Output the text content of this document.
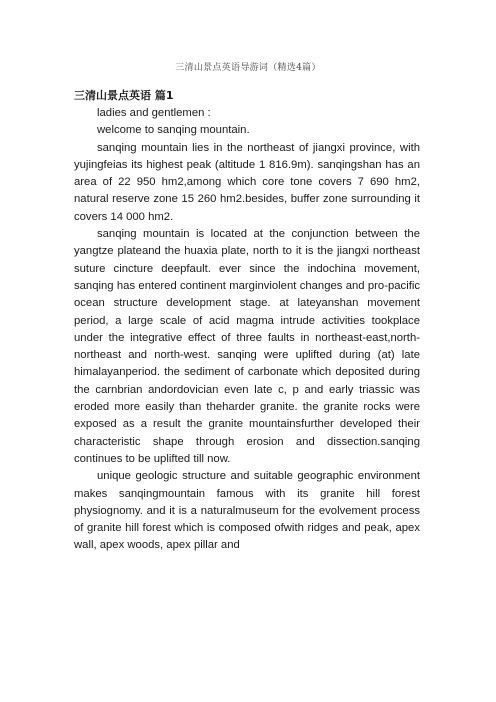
三清山景点英语导游词（精选4篇）
三清山景点英语 篇1

ladies and gentlemen :

welcome to sanqing mountain.

sanqing mountain lies in the northeast of jiangxi province, with yujingfeias its highest peak (altitude 1 816.9m). sanqingshan has an area of 22 950 hm2,among which core tone covers 7 690 hm2, natural reserve zone 15 260 hm2.besides, buffer zone surrounding it covers 14 000 hm2.

sanqing mountain is located at the conjunction between the yangtze plateand the huaxia plate, north to it is the jiangxi northeast suture cincture deepfault. ever since the indochina movement, sanqing has entered continent marginviolent changes and pro-pacific ocean structure development stage. at lateyanshan movement period, a large scale of acid magma intrude activities tookplace under the integrative effect of three faults in northeast-east,north-northeast and north-west. sanqing were uplifted during (at) late himalayanperiod. the sediment of carbonate which deposited during the carnbrian andordovician even late c, p and early triassic was eroded more easily than theharder granite. the granite rocks were exposed as a result the granite mountainsfurther developed their characteristic shape through erosion and dissection.sanqing continues to be uplifted till now.

unique geologic structure and suitable geographic environment makes sanqingmountain famous with its granite hill forest physiognomy. and it is a naturalmuseum for the evolvement process of granite hill forest which is composed ofwith ridges and peak, apex wall, apex woods, apex pillar and
